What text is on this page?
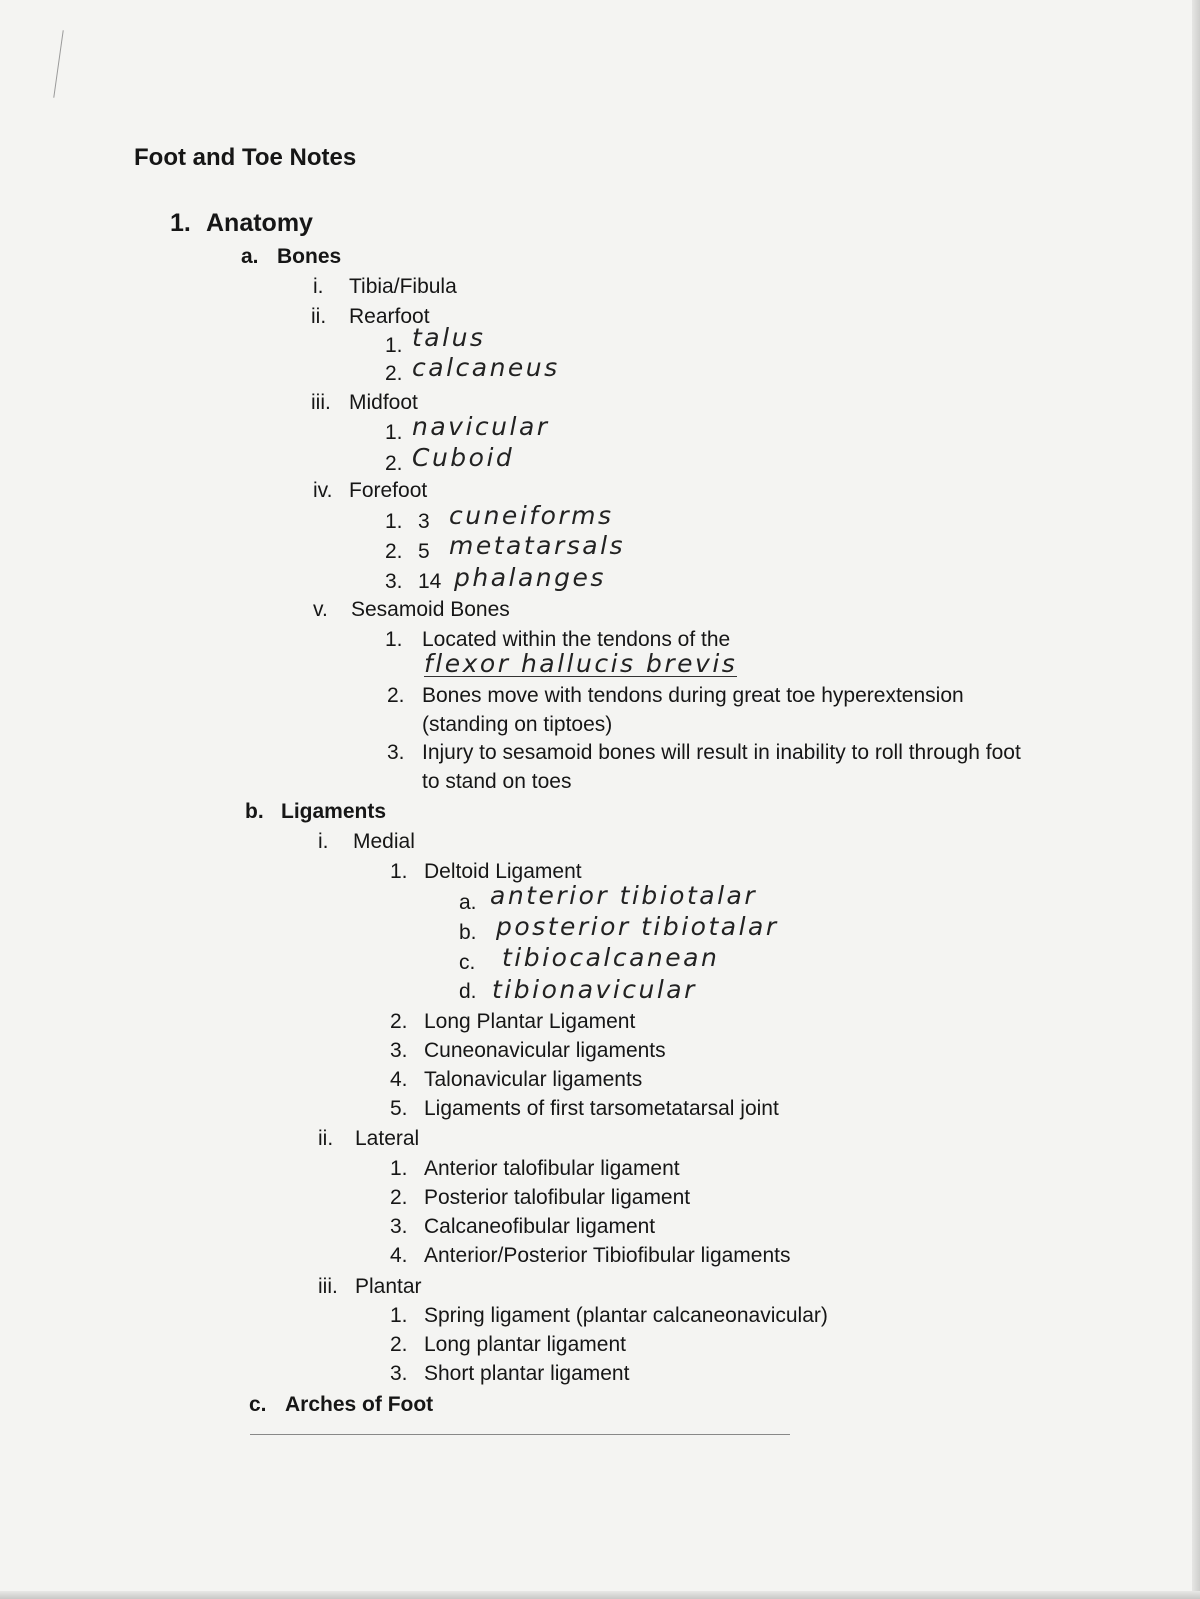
Foot and Toe Notes
1. Anatomy
a. Bones
i. Tibia/Fibula
ii. Rearfoot
1. talus
2. calcaneus
iii. Midfoot
1. navicular
2. Cuboid
iv. Forefoot
1. 3 cuneiforms
2. 5 metatarsals
3. 14 phalanges
v. Sesamoid Bones
1. Located within the tendons of the
flexor hallucis brevis
2. Bones move with tendons during great toe hyperextension
(standing on tiptoes)
3. Injury to sesamoid bones will result in inability to roll through foot
to stand on toes
b. Ligaments
i. Medial
1. Deltoid Ligament
a. anterior tibiotalar
b. posterior tibiotalar
c. tibiocalcanean
d. tibionavicular
2. Long Plantar Ligament
3. Cuneonavicular ligaments
4. Talonavicular ligaments
5. Ligaments of first tarsometatarsal joint
ii. Lateral
1. Anterior talofibular ligament
2. Posterior talofibular ligament
3. Calcaneofibular ligament
4. Anterior/Posterior Tibiofibular ligaments
iii. Plantar
1. Spring ligament (plantar calcaneonavicular)
2. Long plantar ligament
3. Short plantar ligament
c. Arches of Foot
